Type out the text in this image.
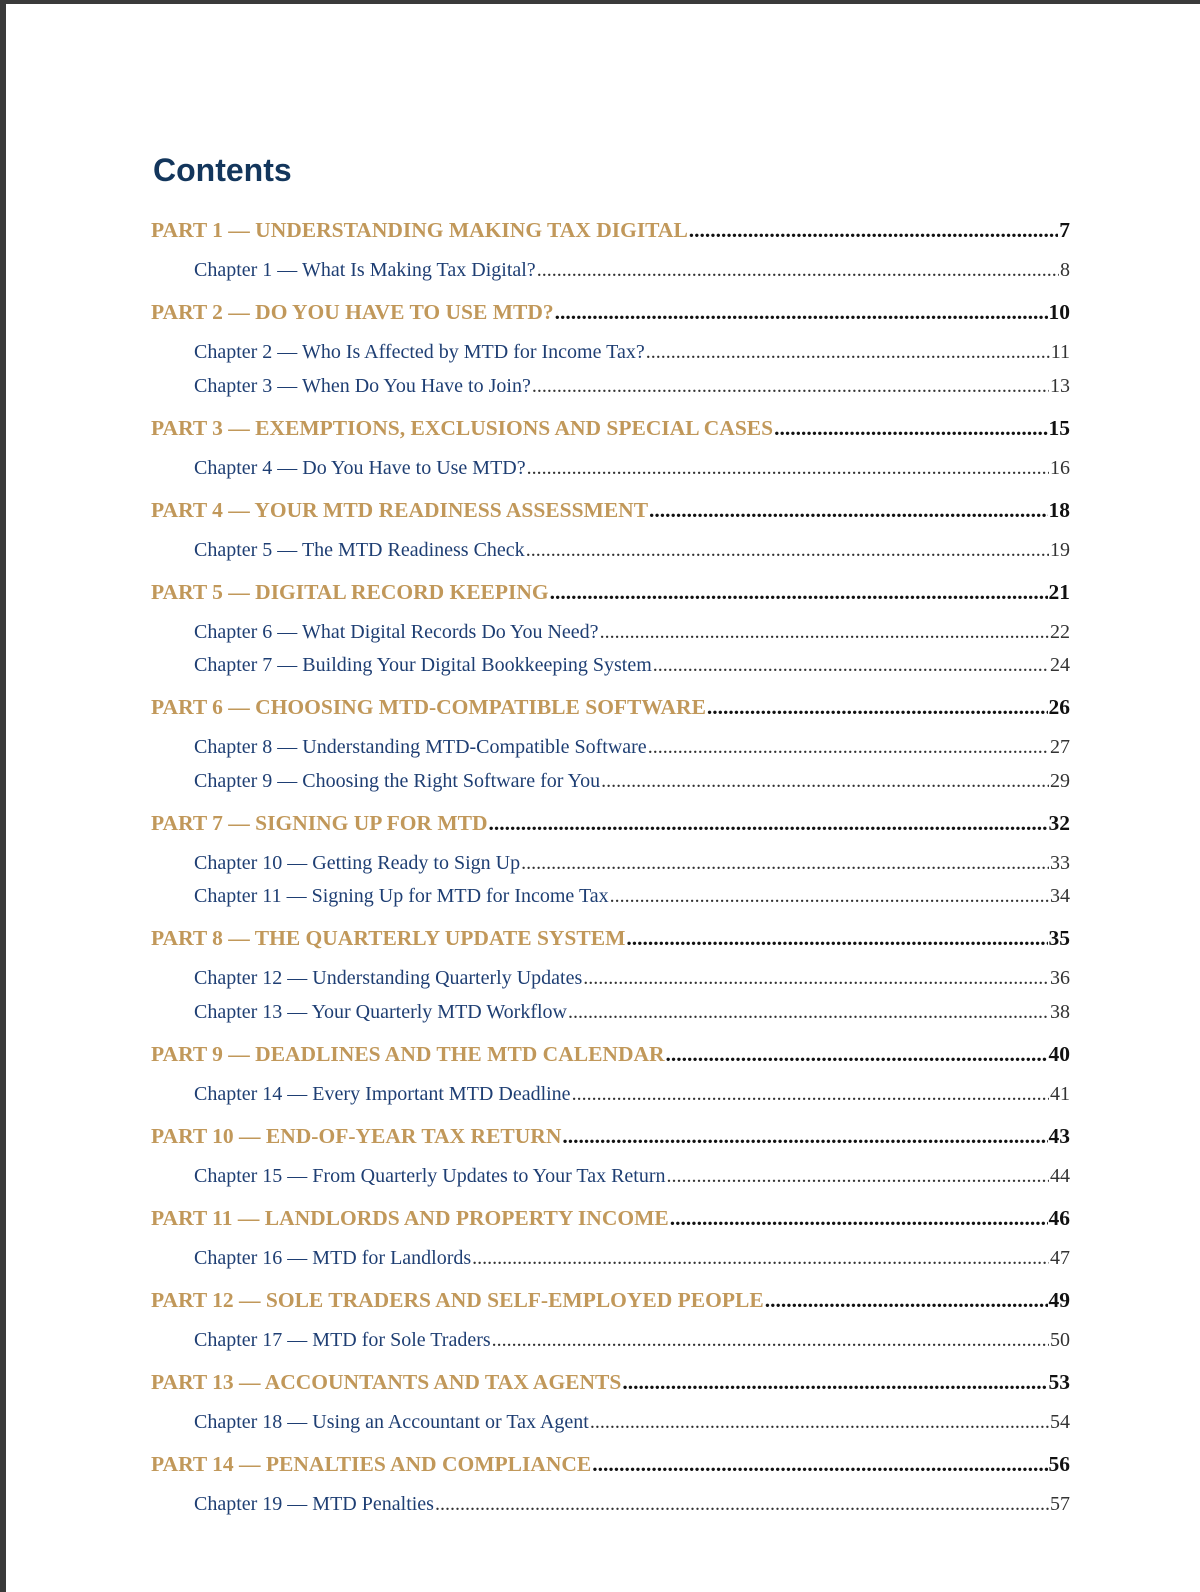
Contents
PART 1 — UNDERSTANDING MAKING TAX DIGITAL .....	7
Chapter 1 — What Is Making Tax Digital? .....	8
PART 2 — DO YOU HAVE TO USE MTD? .....	10
Chapter 2 — Who Is Affected by MTD for Income Tax? .....	11
Chapter 3 — When Do You Have to Join? .....	13
PART 3 — EXEMPTIONS, EXCLUSIONS AND SPECIAL CASES .....	15
Chapter 4 — Do You Have to Use MTD? .....	16
PART 4 — YOUR MTD READINESS ASSESSMENT .....	18
Chapter 5 — The MTD Readiness Check .....	19
PART 5 — DIGITAL RECORD KEEPING .....	21
Chapter 6 — What Digital Records Do You Need? .....	22
Chapter 7 — Building Your Digital Bookkeeping System .....	24
PART 6 — CHOOSING MTD-COMPATIBLE SOFTWARE .....	26
Chapter 8 — Understanding MTD-Compatible Software .....	27
Chapter 9 — Choosing the Right Software for You .....	29
PART 7 — SIGNING UP FOR MTD .....	32
Chapter 10 — Getting Ready to Sign Up .....	33
Chapter 11 — Signing Up for MTD for Income Tax .....	34
PART 8 — THE QUARTERLY UPDATE SYSTEM .....	35
Chapter 12 — Understanding Quarterly Updates .....	36
Chapter 13 — Your Quarterly MTD Workflow .....	38
PART 9 — DEADLINES AND THE MTD CALENDAR .....	40
Chapter 14 — Every Important MTD Deadline .....	41
PART 10 — END-OF-YEAR TAX RETURN .....	43
Chapter 15 — From Quarterly Updates to Your Tax Return .....	44
PART 11 — LANDLORDS AND PROPERTY INCOME .....	46
Chapter 16 — MTD for Landlords .....	47
PART 12 — SOLE TRADERS AND SELF-EMPLOYED PEOPLE .....	49
Chapter 17 — MTD for Sole Traders .....	50
PART 13 — ACCOUNTANTS AND TAX AGENTS .....	53
Chapter 18 — Using an Accountant or Tax Agent .....	54
PART 14 — PENALTIES AND COMPLIANCE .....	56
Chapter 19 — MTD Penalties .....	57
